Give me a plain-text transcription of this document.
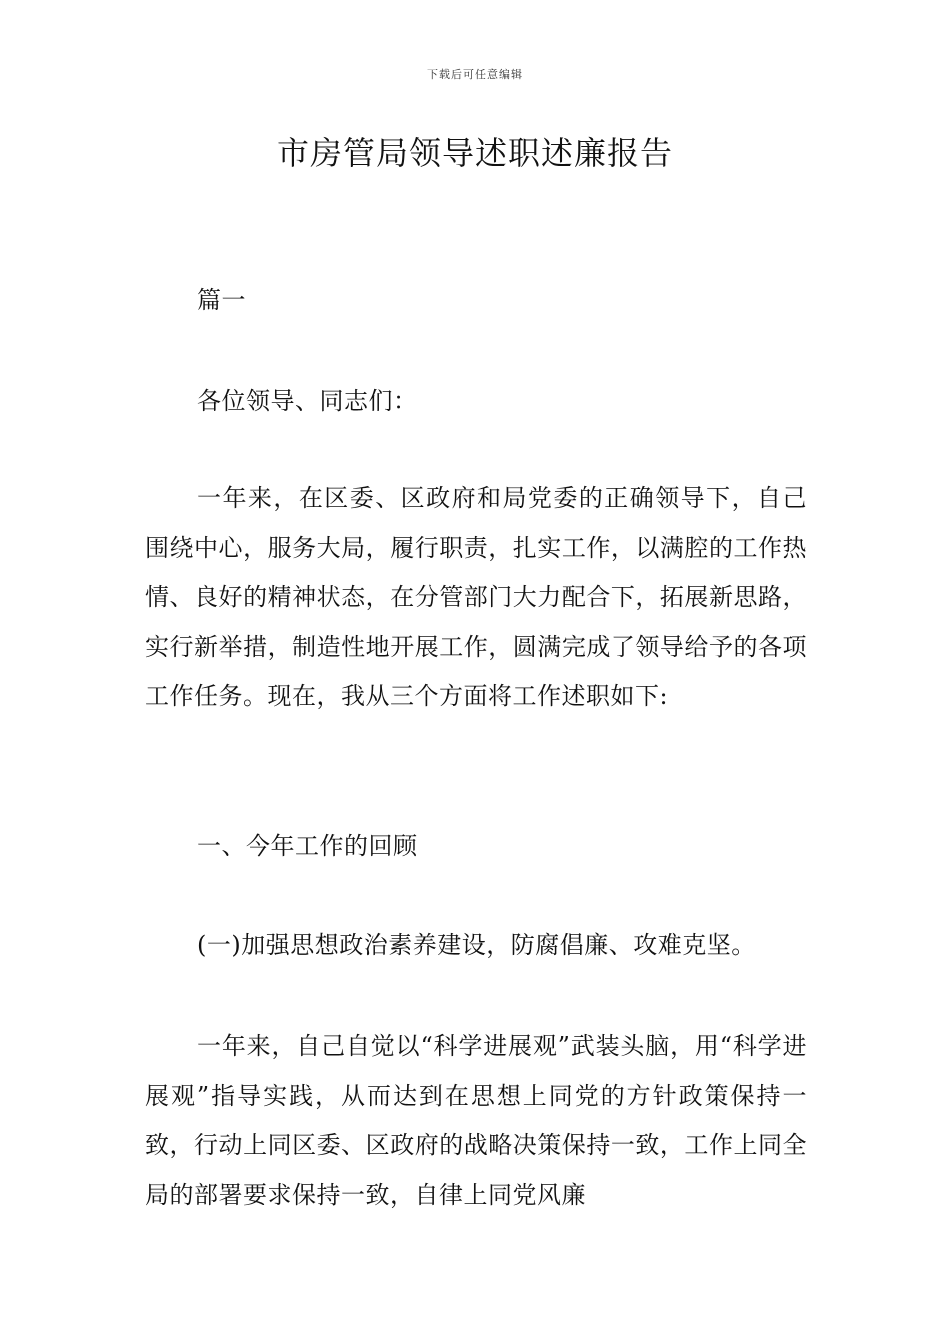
下载后可任意编辑
市房管局领导述职述廉报告

篇一

各位领导、同志们：

一年来，在区委、区政府和局党委的正确领导下，自己围绕中心，服务大局，履行职责，扎实工作，以满腔的工作热情、良好的精神状态，在分管部门大力配合下，拓展新思路，实行新举措，制造性地开展工作，圆满完成了领导给予的各项工作任务。现在，我从三个方面将工作述职如下:

一、今年工作的回顾

(一)加强思想政治素养建设，防腐倡廉、攻难克坚。

一年来，自己自觉以“科学进展观”武装头脑，用“科学进展观”指导实践，从而达到在思想上同党的方针政策保持一致，行动上同区委、区政府的战略决策保持一致，工作上同全局的部署要求保持一致，自律上同党风廉
